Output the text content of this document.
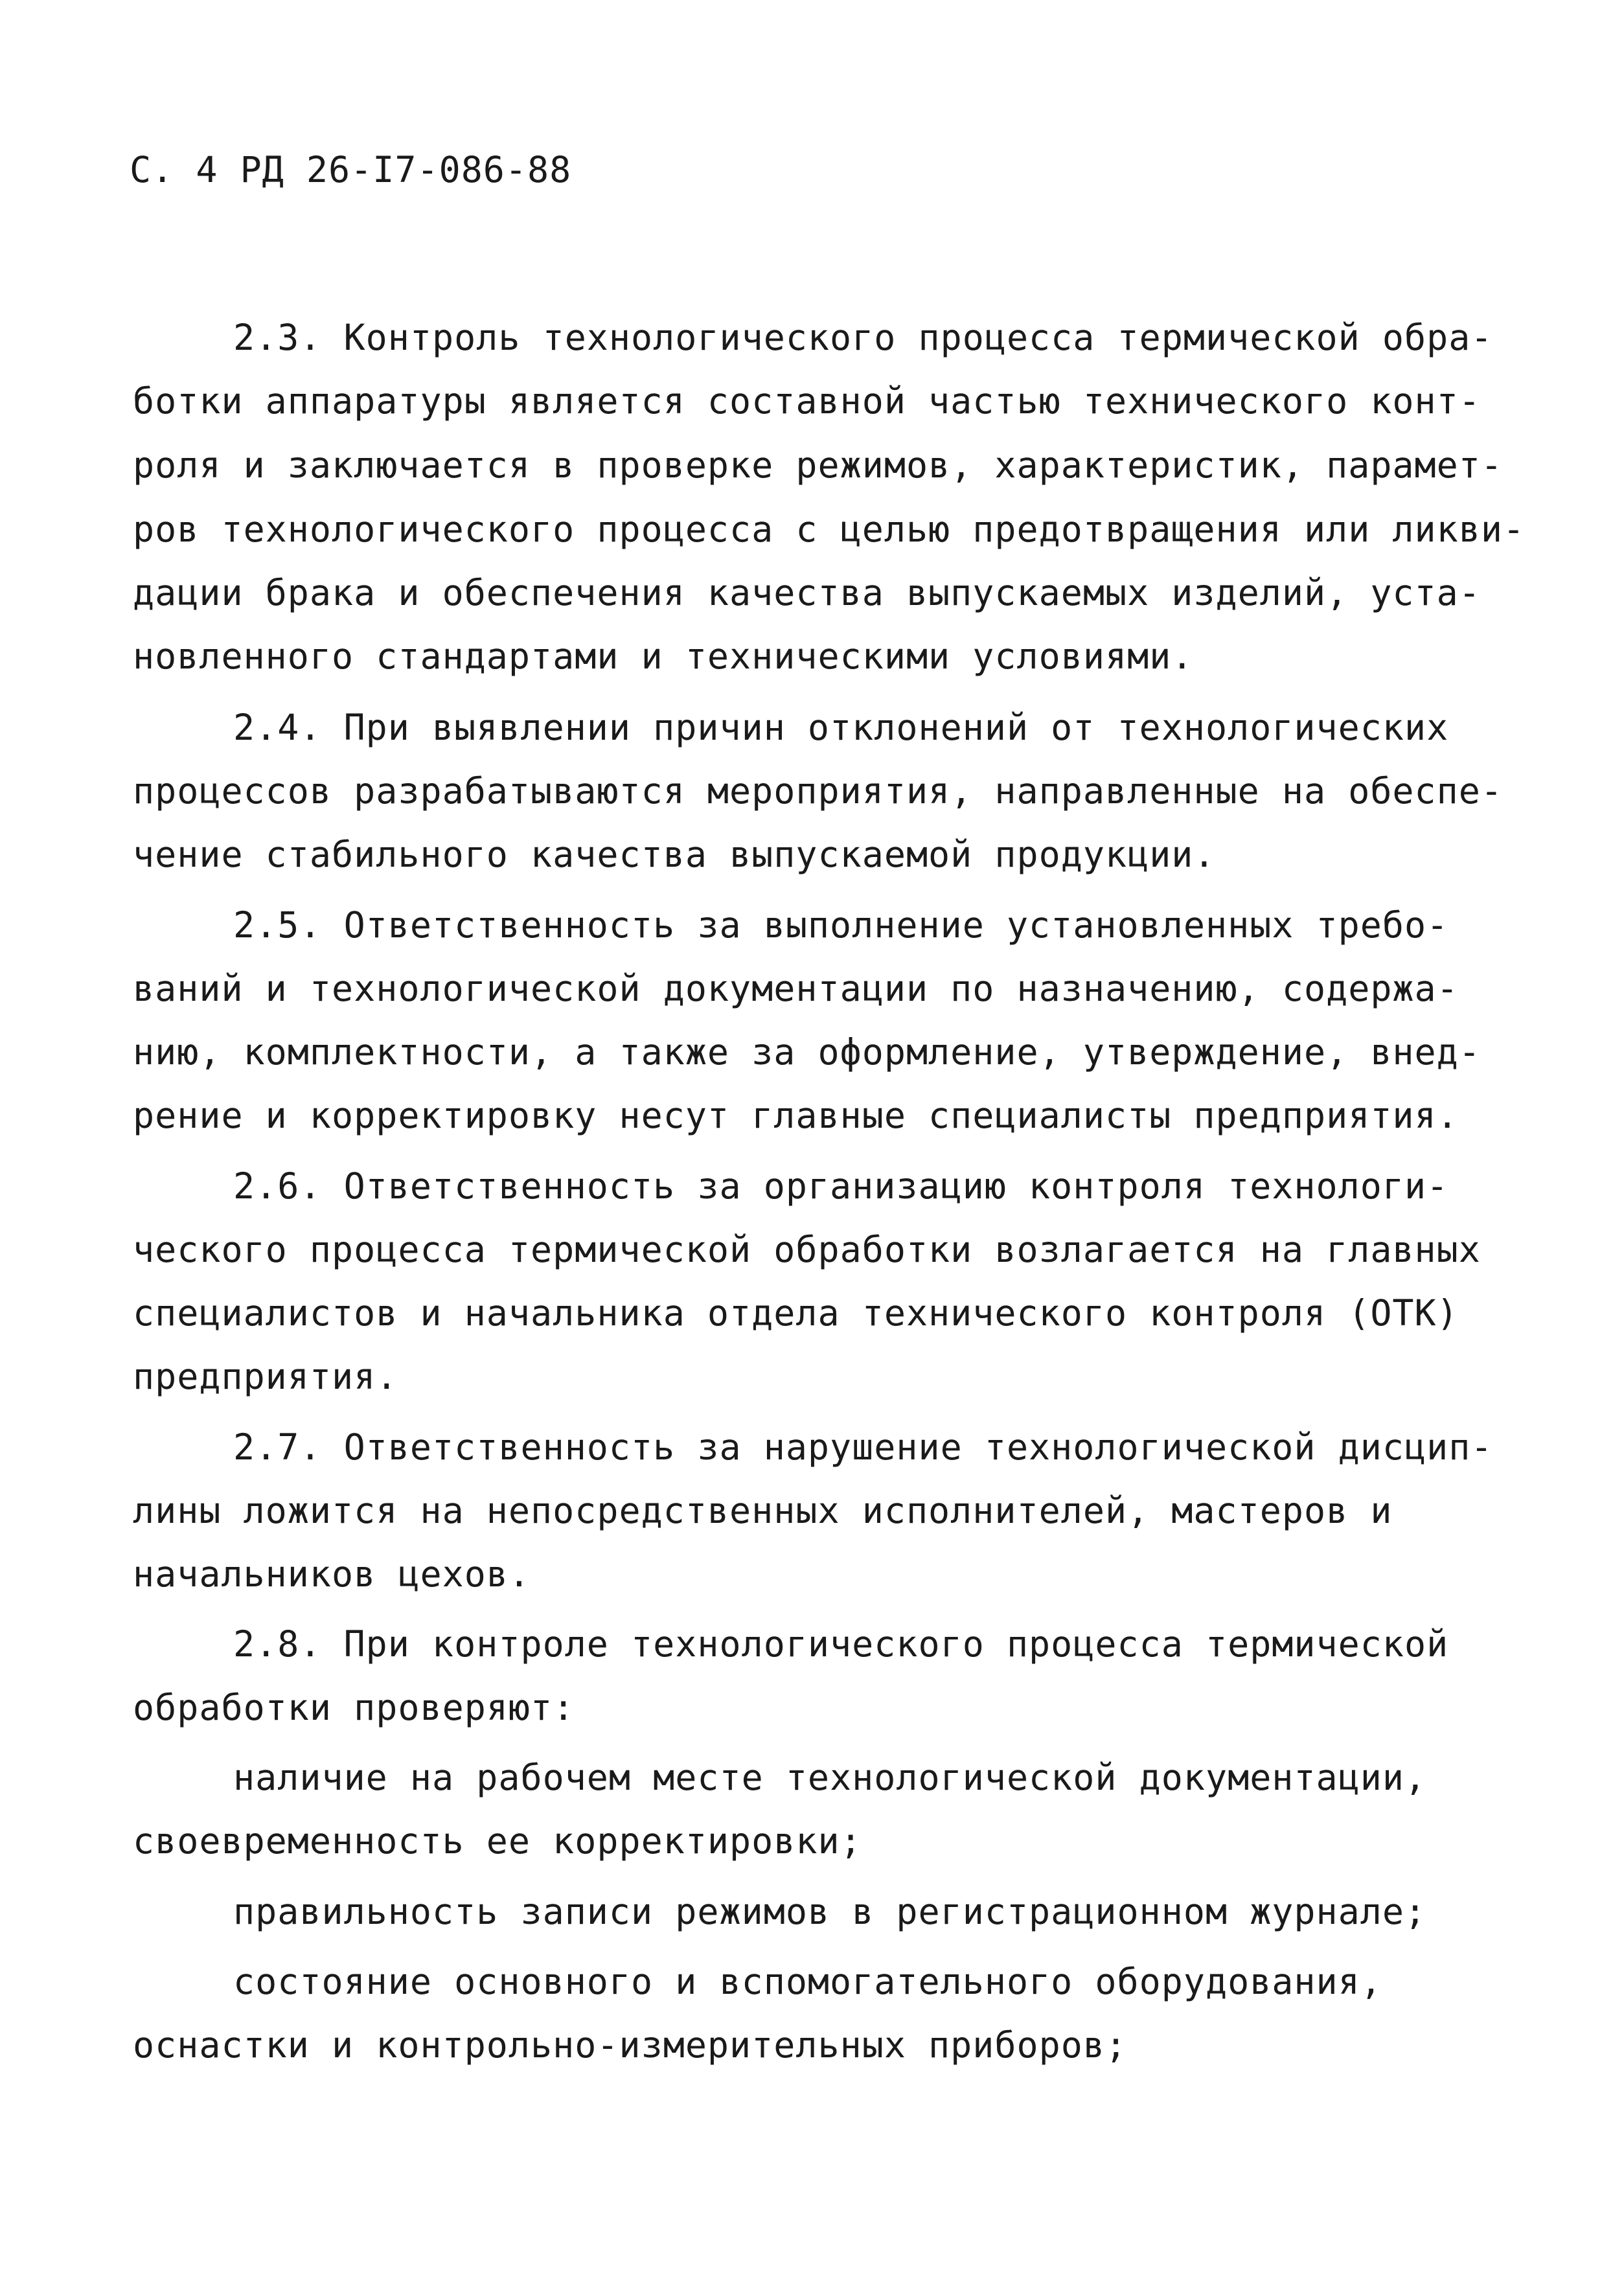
С. 4 РД 26-I7-086-88
2.3. Контроль технологического процесса термической обра-
ботки аппаратуры является составной частью технического конт-
роля и заключается в проверке режимов, характеристик, парамет-
ров технологического процесса с целью предотвращения или ликви-
дации брака и обеспечения качества выпускаемых изделий, уста-
новленного стандартами и техническими условиями.
2.4. При выявлении причин отклонений от технологических
процессов разрабатываются мероприятия, направленные на обеспе-
чение стабильного качества выпускаемой продукции.
2.5. Ответственность за выполнение установленных требо-
ваний и технологической документации по назначению, содержа-
нию, комплектности, а также за оформление, утверждение, внед-
рение и корректировку несут главные специалисты предприятия.
2.6. Ответственность за организацию контроля технологи-
ческого процесса термической обработки возлагается на главных
специалистов и начальника отдела технического контроля (ОТК)
предприятия.
2.7. Ответственность за нарушение технологической дисцип-
лины ложится на непосредственных исполнителей, мастеров и
начальников цехов.
2.8. При контроле технологического процесса термической
обработки проверяют:
наличие на рабочем месте технологической документации,
своевременность ее корректировки;
правильность записи режимов в регистрационном журнале;
состояние основного и вспомогательного оборудования,
оснастки и контрольно-измерительных приборов;
